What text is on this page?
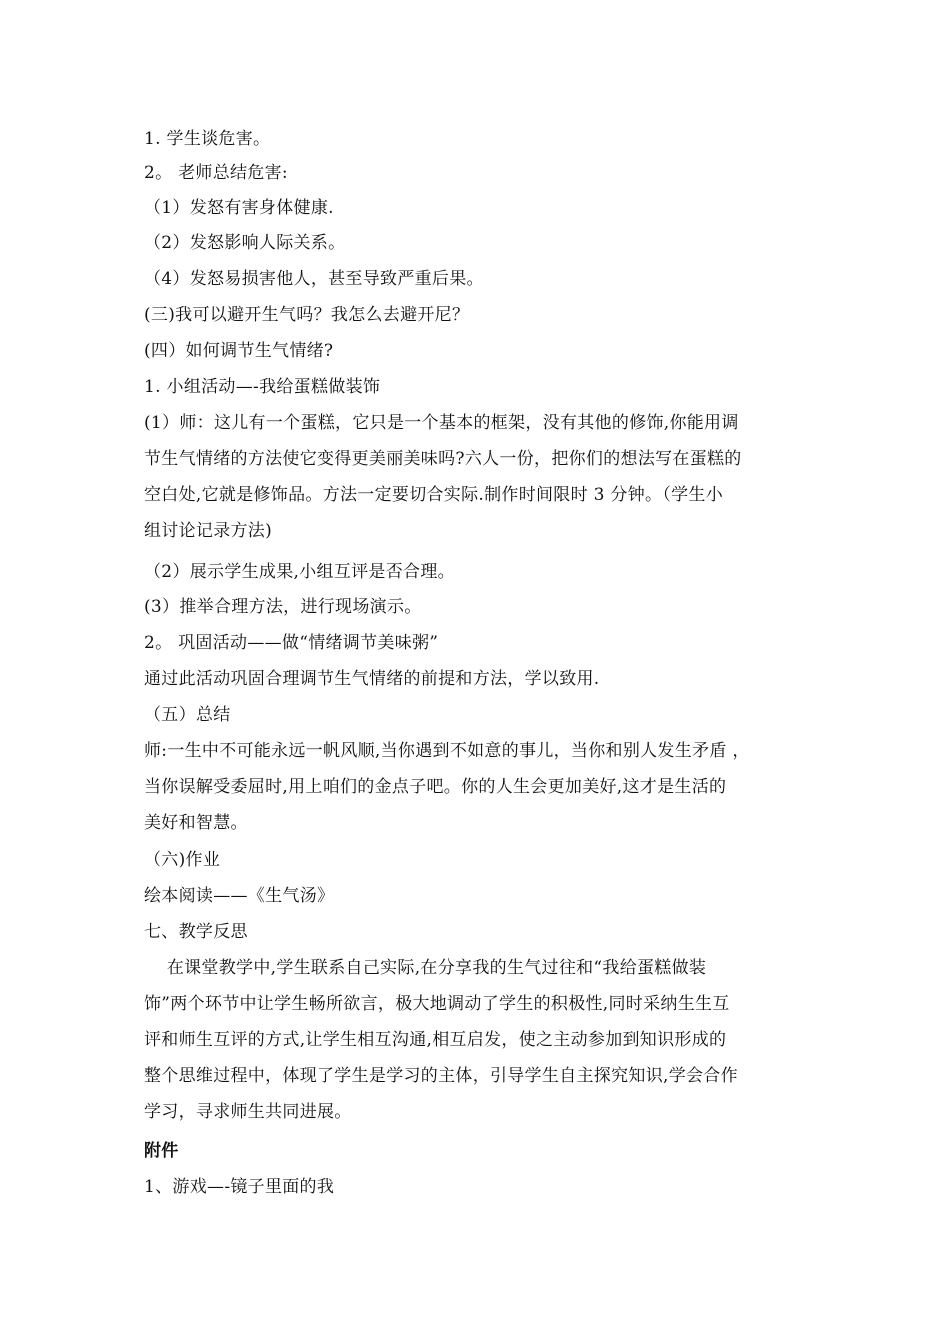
1. 学生谈危害。
2。 老师总结危害:
（1）发怒有害身体健康.
（2）发怒影响人际关系。
（4）发怒易损害他人，甚至导致严重后果。
(三)我可以避开生气吗？我怎么去避开尼？
(四）如何调节生气情绪?
1. 小组活动—-我给蛋糕做装饰
(1）师：这儿有一个蛋糕，它只是一个基本的框架，没有其他的修饰,你能用调
节生气情绪的方法使它变得更美丽美味吗?六人一份，把你们的想法写在蛋糕的
空白处,它就是修饰品。方法一定要切合实际.制作时间限时 3 分钟。（学生小
组讨论记录方法)
（2）展示学生成果,小组互评是否合理。
(3）推举合理方法，进行现场演示。
2。 巩固活动——做“情绪调节美味粥”
通过此活动巩固合理调节生气情绪的前提和方法，学以致用.
（五）总结
师:一生中不可能永远一帆风顺,当你遇到不如意的事儿，当你和别人发生矛盾 ，
当你误解受委屈时,用上咱们的金点子吧。你的人生会更加美好,这才是生活的
美好和智慧。
（六)作业
绘本阅读——《生气汤》
七、教学反思
在课堂教学中,学生联系自己实际,在分享我的生气过往和“我给蛋糕做装
饰”两个环节中让学生畅所欲言，极大地调动了学生的积极性,同时采纳生生互
评和师生互评的方式,让学生相互沟通,相互启发，使之主动参加到知识形成的
整个思维过程中，体现了学生是学习的主体，引导学生自主探究知识,学会合作
学习，寻求师生共同进展。
附件
1、游戏—-镜子里面的我
